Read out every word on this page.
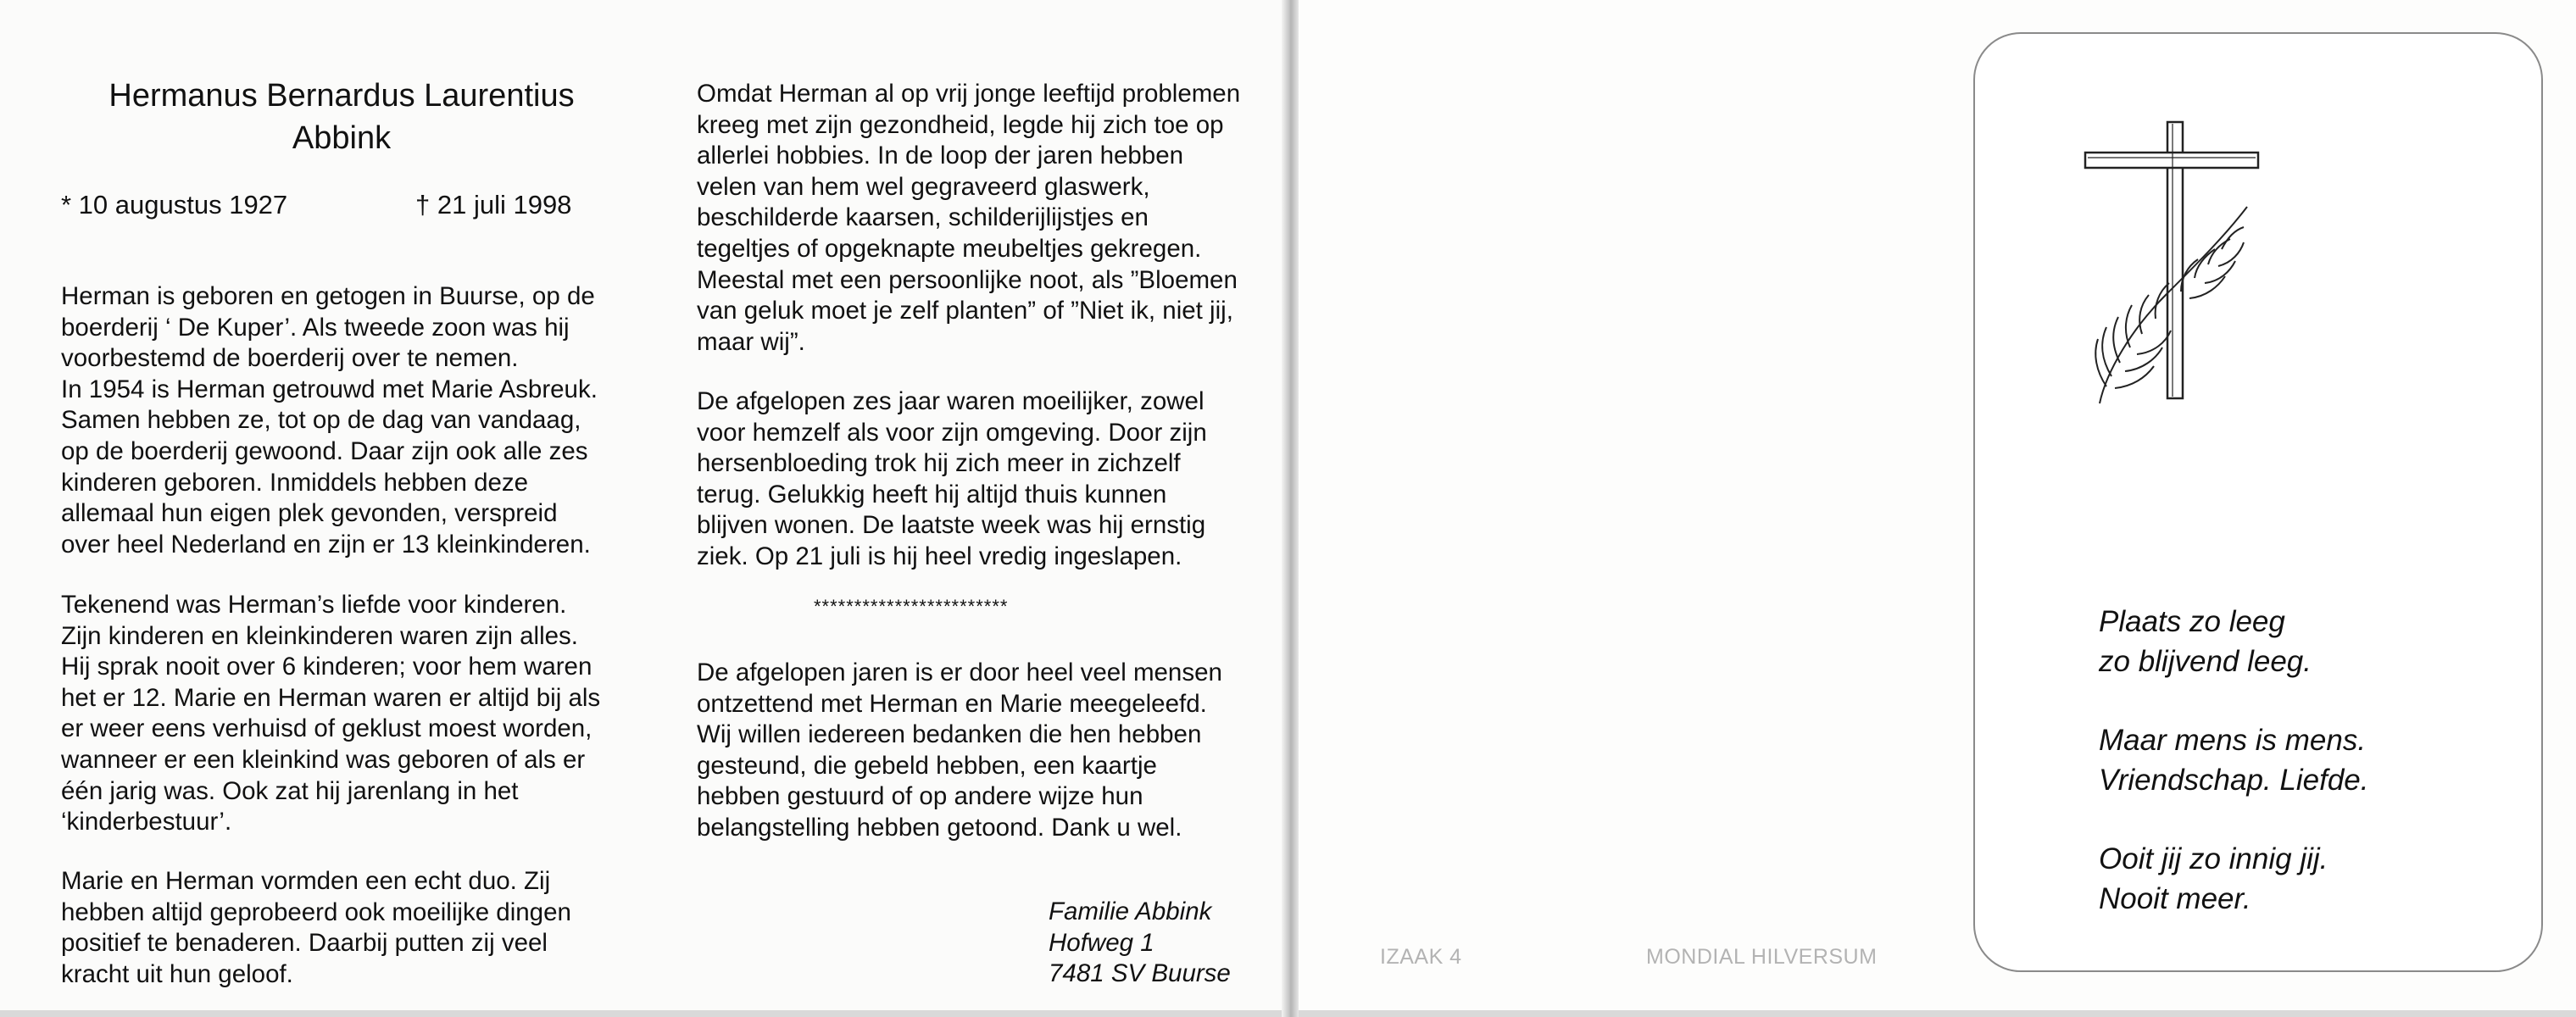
Hermanus Bernardus Laurentius
Abbink

* 10 augustus 1927	† 21 juli 1998

Herman is geboren en getogen in Buurse, op de
boerderij ‘ De Kuper’. Als tweede zoon was hij
voorbestemd de boerderij over te nemen.
In 1954 is Herman getrouwd met Marie Asbreuk.
Samen hebben ze, tot op de dag van vandaag,
op de boerderij gewoond. Daar zijn ook alle zes
kinderen geboren. Inmiddels hebben deze
allemaal hun eigen plek gevonden, verspreid
over heel Nederland en zijn er 13 kleinkinderen.

Tekenend was Herman’s liefde voor kinderen.
Zijn kinderen en kleinkinderen waren zijn alles.
Hij sprak nooit over 6 kinderen; voor hem waren
het er 12. Marie en Herman waren er altijd bij als
er weer eens verhuisd of geklust moest worden,
wanneer er een kleinkind was geboren of als er
één jarig was. Ook zat hij jarenlang in het
‘kinderbestuur’.

Marie en Herman vormden een echt duo. Zij
hebben altijd geprobeerd ook moeilijke dingen
positief te benaderen. Daarbij putten zij veel
kracht uit hun geloof.

Omdat Herman al op vrij jonge leeftijd problemen
kreeg met zijn gezondheid, legde hij zich toe op
allerlei hobbies. In de loop der jaren hebben
velen van hem wel gegraveerd glaswerk,
beschilderde kaarsen, schilderijlijstjes en
tegeltjes of opgeknapte meubeltjes gekregen.
Meestal met een persoonlijke noot, als ”Bloemen
van geluk moet je zelf planten” of ”Niet ik, niet jij,
maar wij”.

De afgelopen zes jaar waren moeilijker, zowel
voor hemzelf als voor zijn omgeving. Door zijn
hersenbloeding trok hij zich meer in zichzelf
terug. Gelukkig heeft hij altijd thuis kunnen
blijven wonen. De laatste week was hij ernstig
ziek. Op 21 juli is hij heel vredig ingeslapen.

************************

De afgelopen jaren is er door heel veel mensen
ontzettend met Herman en Marie meegeleefd.
Wij willen iedereen bedanken die hen hebben
gesteund, die gebeld hebben, een kaartje
hebben gestuurd of op andere wijze hun
belangstelling hebben getoond. Dank u wel.

Familie Abbink
Hofweg 1
7481 SV Buurse
IZAAK 4	MONDIAL HILVERSUM

Plaats zo leeg
zo blijvend leeg.

Maar mens is mens.
Vriendschap. Liefde.

Ooit jij zo innig jij.
Nooit meer.
